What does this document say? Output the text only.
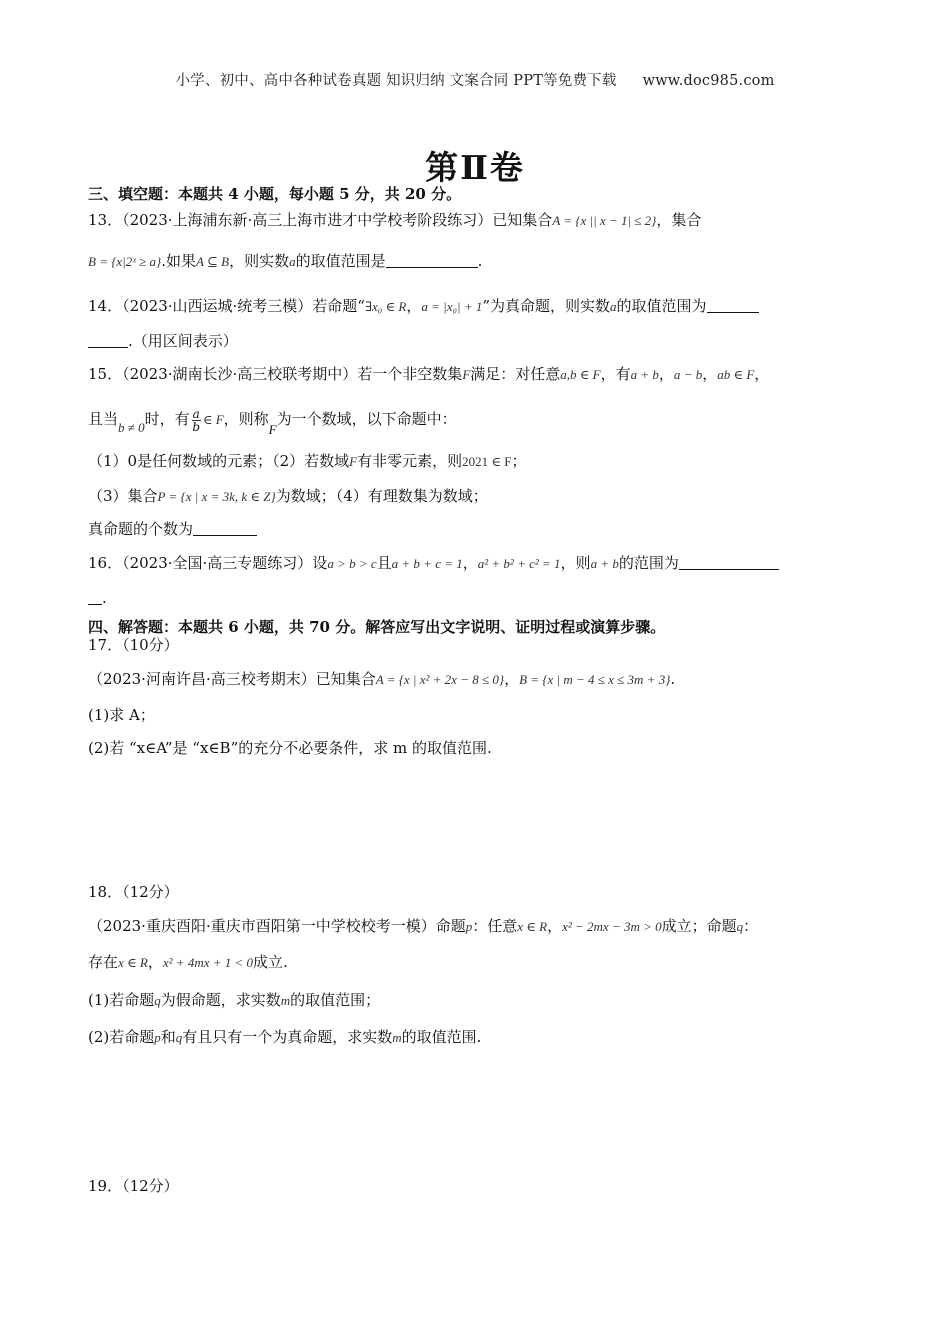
小学、初中、高中各种试卷真题 知识归纳 文案合同 PPT等免费下载 www.doc985.com
第Ⅱ卷
三、填空题：本题共 4 小题，每小题 5 分，共 20 分。
13．（2023·上海浦东新·高三上海市进才中学校考阶段练习）已知集合A = {x || x − 1| ≤ 2}，集合
B = {x|2ˣ ≥ a}.如果A ⊆ B，则实数a的取值范围是	.
14．（2023·山西运城·统考三模）若命题“∃x₀ ∈ R，a = |x₀| + 1”为真命题，则实数a的取值范围为
.（用区间表示）
15．（2023·湖南长沙·高三校联考期中）若一个非空数集F满足：对任意a,b ∈ F，有a + b，a − b，ab ∈ F，
且当b ≠ 0时，有 $\frac{a}{b}$ ∈ F，则称F为一个数域，以下命题中：
（1）0是任何数域的元素；（2）若数域F有非零元素，则2021 ∈ F；
（3）集合P = {x | x = 3k, k ∈ Z}为数域；（4）有理数集为数域；
真命题的个数为
16．（2023·全国·高三专题练习）设a > b > c且a + b + c = 1，a² + b² + c² = 1，则a + b的范围为
.
四、解答题：本题共 6 小题，共 70 分。解答应写出文字说明、证明过程或演算步骤。
17．（10分）
（2023·河南许昌·高三校考期末）已知集合A = {x | x² + 2x − 8 ≤ 0}，B = {x | m − 4 ≤ x ≤ 3m + 3}.
(1)求 A；
(2)若 “x∈A”是 “x∈B”的充分不必要条件，求 m 的取值范围.
18．（12分）
（2023·重庆酉阳·重庆市酉阳第一中学校校考一模）命题p：任意x ∈ R，x² − 2mx − 3m > 0成立；命题q：
存在x ∈ R，x² + 4mx + 1 < 0成立.
(1)若命题q为假命题，求实数m的取值范围；
(2)若命题p和q有且只有一个为真命题，求实数m的取值范围.
19．（12分）
